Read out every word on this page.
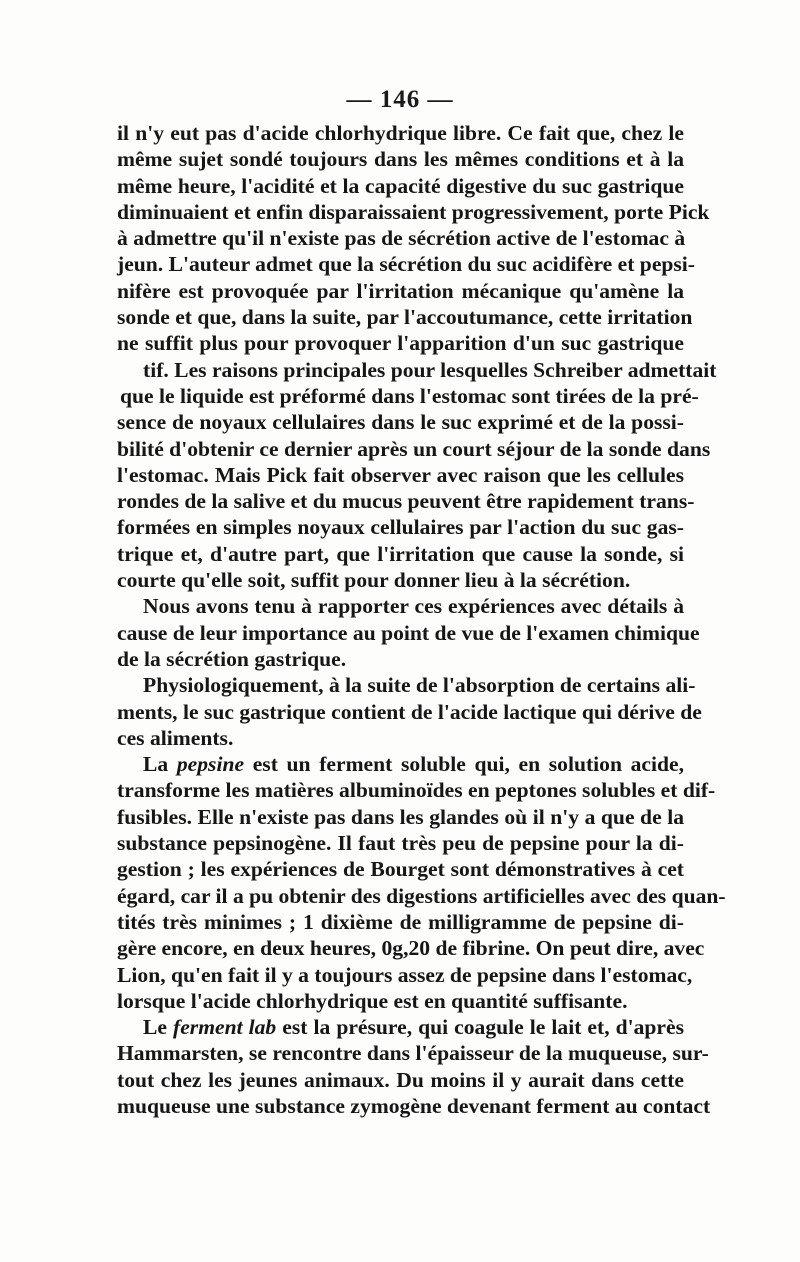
— 146 —
il n'y eut pas d'acide chlorhydrique libre. Ce fait que, chez le
même sujet sondé toujours dans les mêmes conditions et à la
même heure, l'acidité et la capacité digestive du suc gastrique
diminuaient et enfin disparaissaient progressivement, porte Pick
à admettre qu'il n'existe pas de sécrétion active de l'estomac à
jeun. L'auteur admet que la sécrétion du suc acidifère et pepsi-
nifère est provoquée par l'irritation mécanique qu'amène la
sonde et que, dans la suite, par l'accoutumance, cette irritation
ne suffit plus pour provoquer l'apparition d'un suc gastrique
tif. Les raisons principales pour lesquelles Schreiber admettait
que le liquide est préformé dans l'estomac sont tirées de la pré-
sence de noyaux cellulaires dans le suc exprimé et de la possi-
bilité d'obtenir ce dernier après un court séjour de la sonde dans
l'estomac. Mais Pick fait observer avec raison que les cellules
rondes de la salive et du mucus peuvent être rapidement trans-
formées en simples noyaux cellulaires par l'action du suc gas-
trique et, d'autre part, que l'irritation que cause la sonde, si
courte qu'elle soit, suffit pour donner lieu à la sécrétion.
Nous avons tenu à rapporter ces expériences avec détails à
cause de leur importance au point de vue de l'examen chimique
de la sécrétion gastrique.
Physiologiquement, à la suite de l'absorption de certains ali-
ments, le suc gastrique contient de l'acide lactique qui dérive de
ces aliments.
La pepsine est un ferment soluble qui, en solution acide,
transforme les matières albuminoïdes en peptones solubles et dif-
fusibles. Elle n'existe pas dans les glandes où il n'y a que de la
substance pepsinogène. Il faut très peu de pepsine pour la di-
gestion ; les expériences de Bourget sont démonstratives à cet
égard, car il a pu obtenir des digestions artificielles avec des quan-
tités très minimes ; 1 dixième de milligramme de pepsine di-
gère encore, en deux heures, 0g,20 de fibrine. On peut dire, avec
Lion, qu'en fait il y a toujours assez de pepsine dans l'estomac,
lorsque l'acide chlorhydrique est en quantité suffisante.
Le ferment lab est la présure, qui coagule le lait et, d'après
Hammarsten, se rencontre dans l'épaisseur de la muqueuse, sur-
tout chez les jeunes animaux. Du moins il y aurait dans cette
muqueuse une substance zymogène devenant ferment au contact
